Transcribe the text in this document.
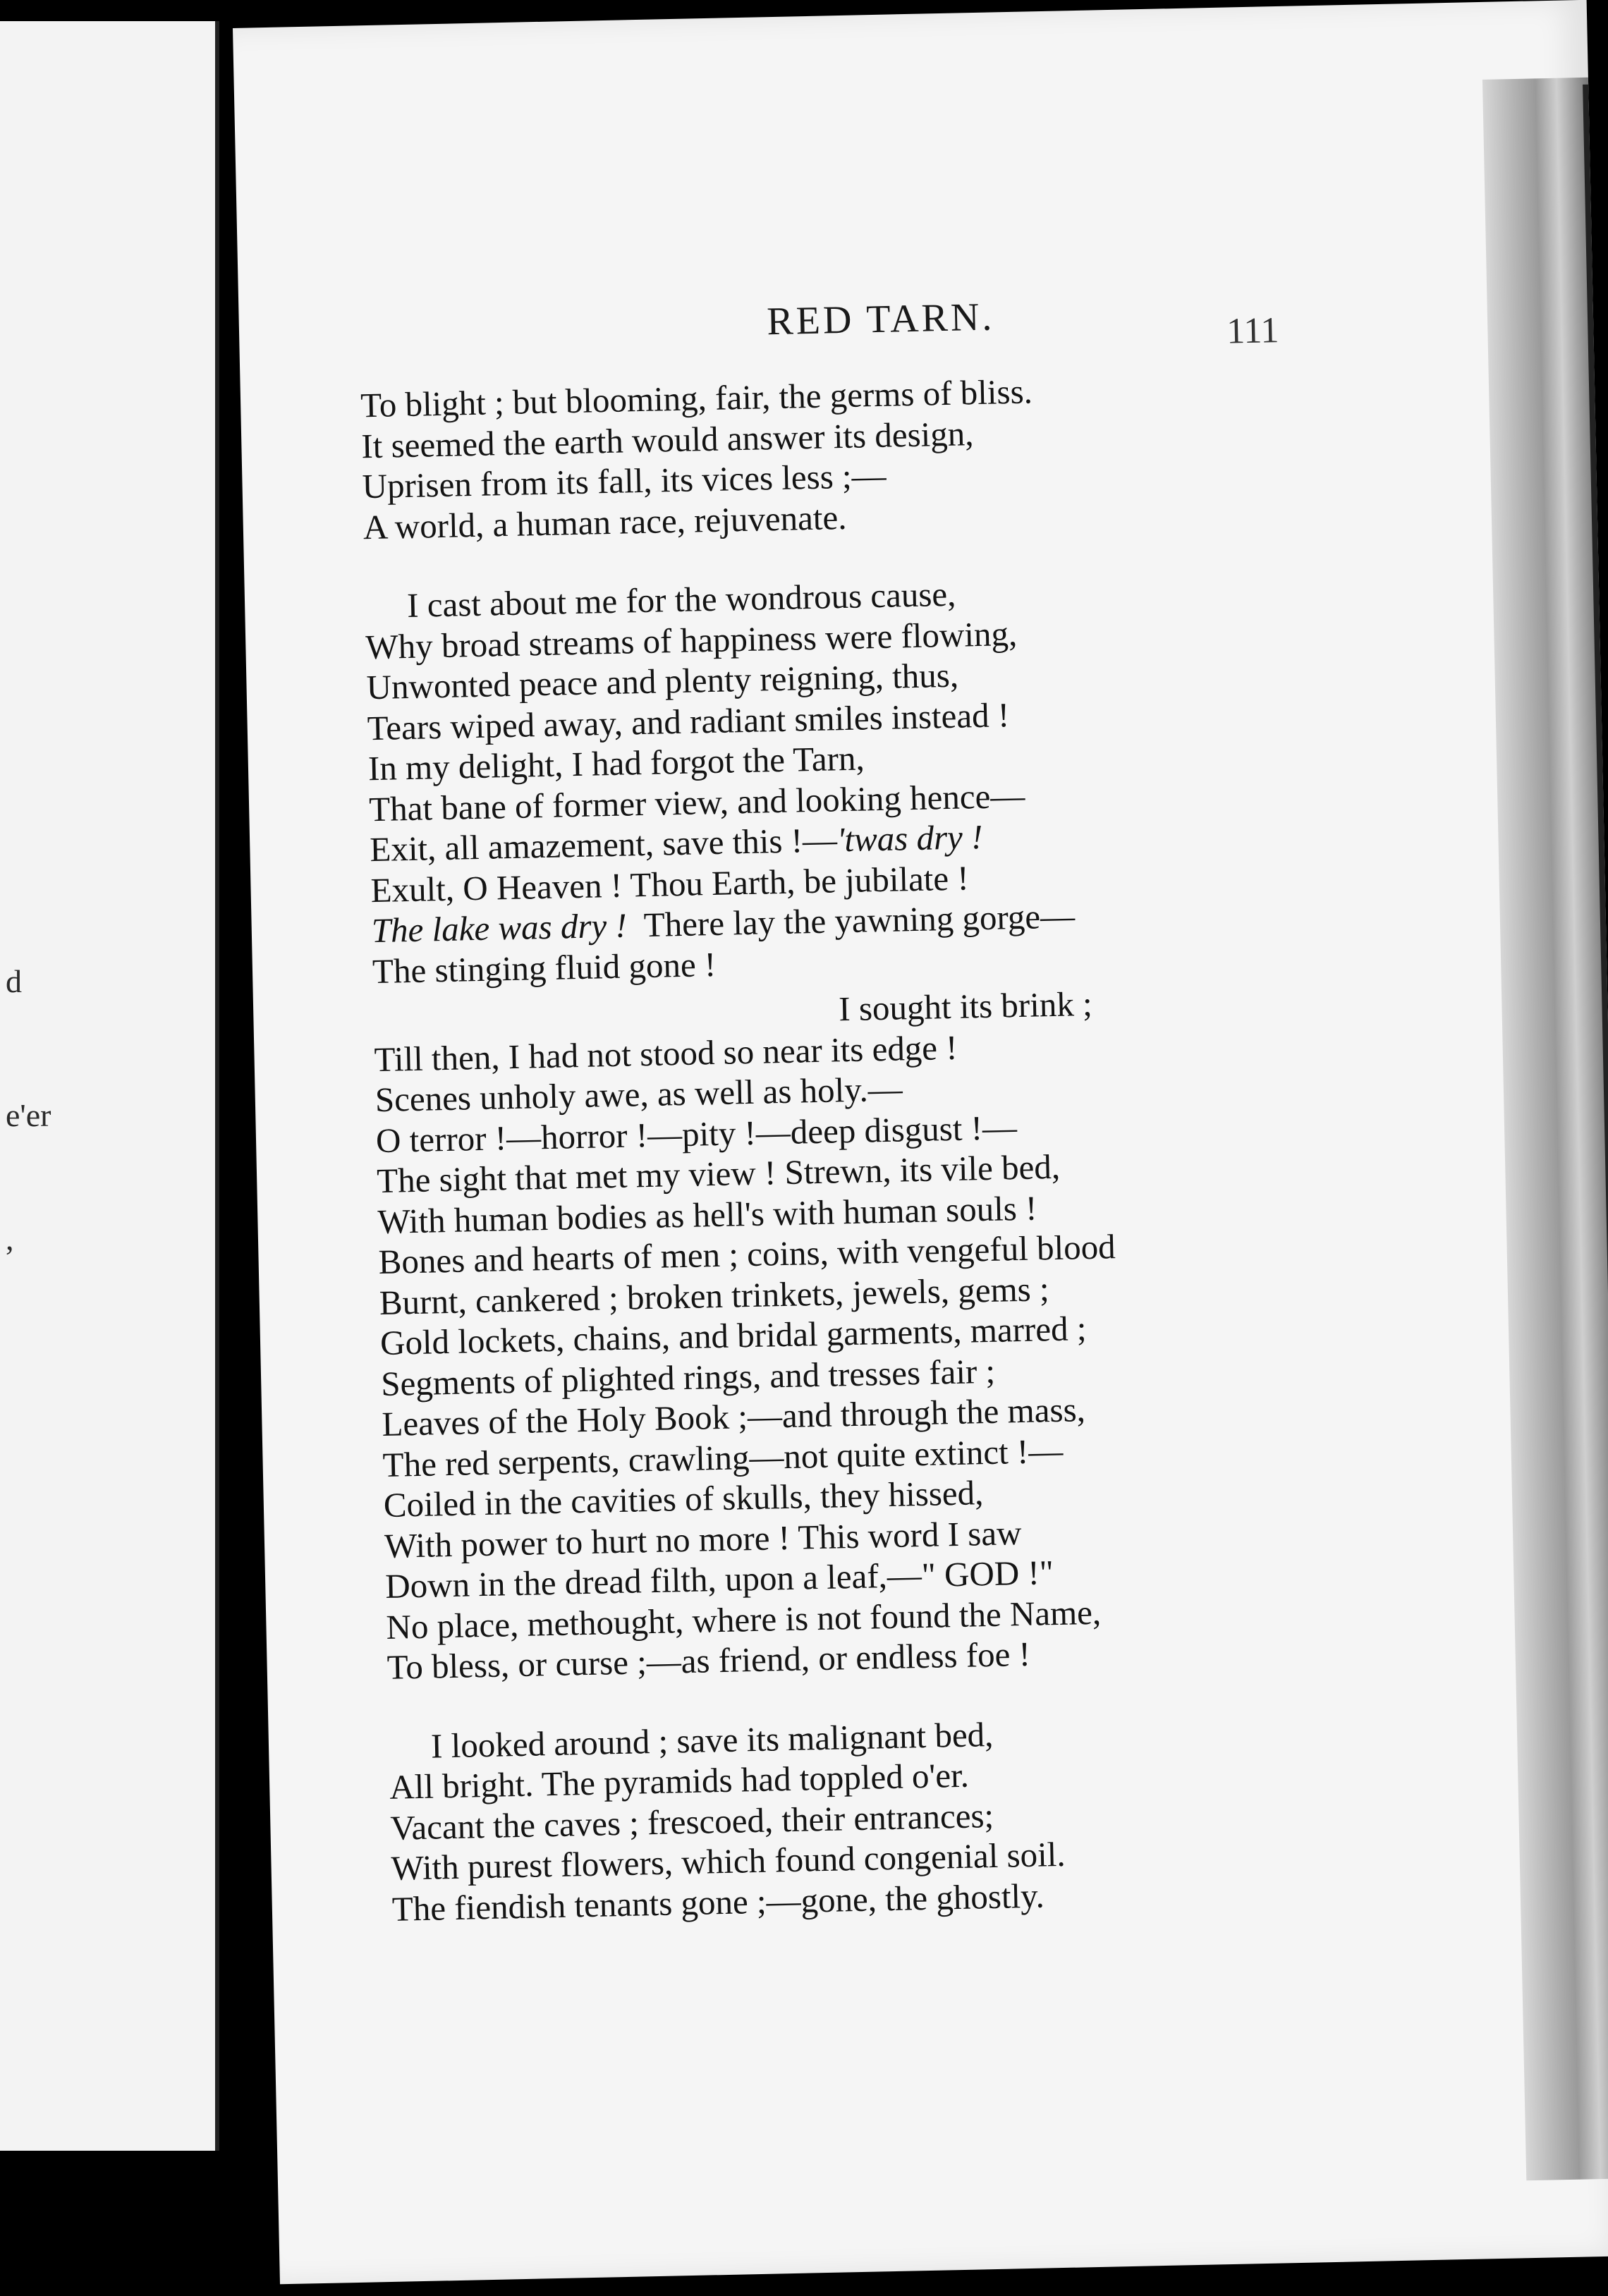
d
e'er
,
RED TARN.	111
To blight ; but blooming, fair, the germs of bliss.
It seemed the earth would answer its design,
Uprisen from its fall, its vices less ;—
A world, a human race, rejuvenate.
I cast about me for the wondrous cause,
Why broad streams of happiness were flowing,
Unwonted peace and plenty reigning, thus,
Tears wiped away, and radiant smiles instead !
In my delight, I had forgot the Tarn,
That bane of former view, and looking hence—
Exit, all amazement, save this !—'twas dry !
Exult, O Heaven ! Thou Earth, be jubilate !
The lake was dry ! There lay the yawning gorge—
The stinging fluid gone !
I sought its brink ;
Till then, I had not stood so near its edge !
Scenes unholy awe, as well as holy.—
O terror !—horror !—pity !—deep disgust !—
The sight that met my view ! Strewn, its vile bed,
With human bodies as hell's with human souls !
Bones and hearts of men ; coins, with vengeful blood
Burnt, cankered ; broken trinkets, jewels, gems ;
Gold lockets, chains, and bridal garments, marred ;
Segments of plighted rings, and tresses fair ;
Leaves of the Holy Book ;—and through the mass,
The red serpents, crawling—not quite extinct !—
Coiled in the cavities of skulls, they hissed,
With power to hurt no more ! This word I saw
Down in the dread filth, upon a leaf,—" GOD !"
No place, methought, where is not found the Name,
To bless, or curse ;—as friend, or endless foe !
I looked around ; save its malignant bed,
All bright. The pyramids had toppled o'er.
Vacant the caves ; frescoed, their entrances;
With purest flowers, which found congenial soil.
The fiendish tenants gone ;—gone, the ghostly.
